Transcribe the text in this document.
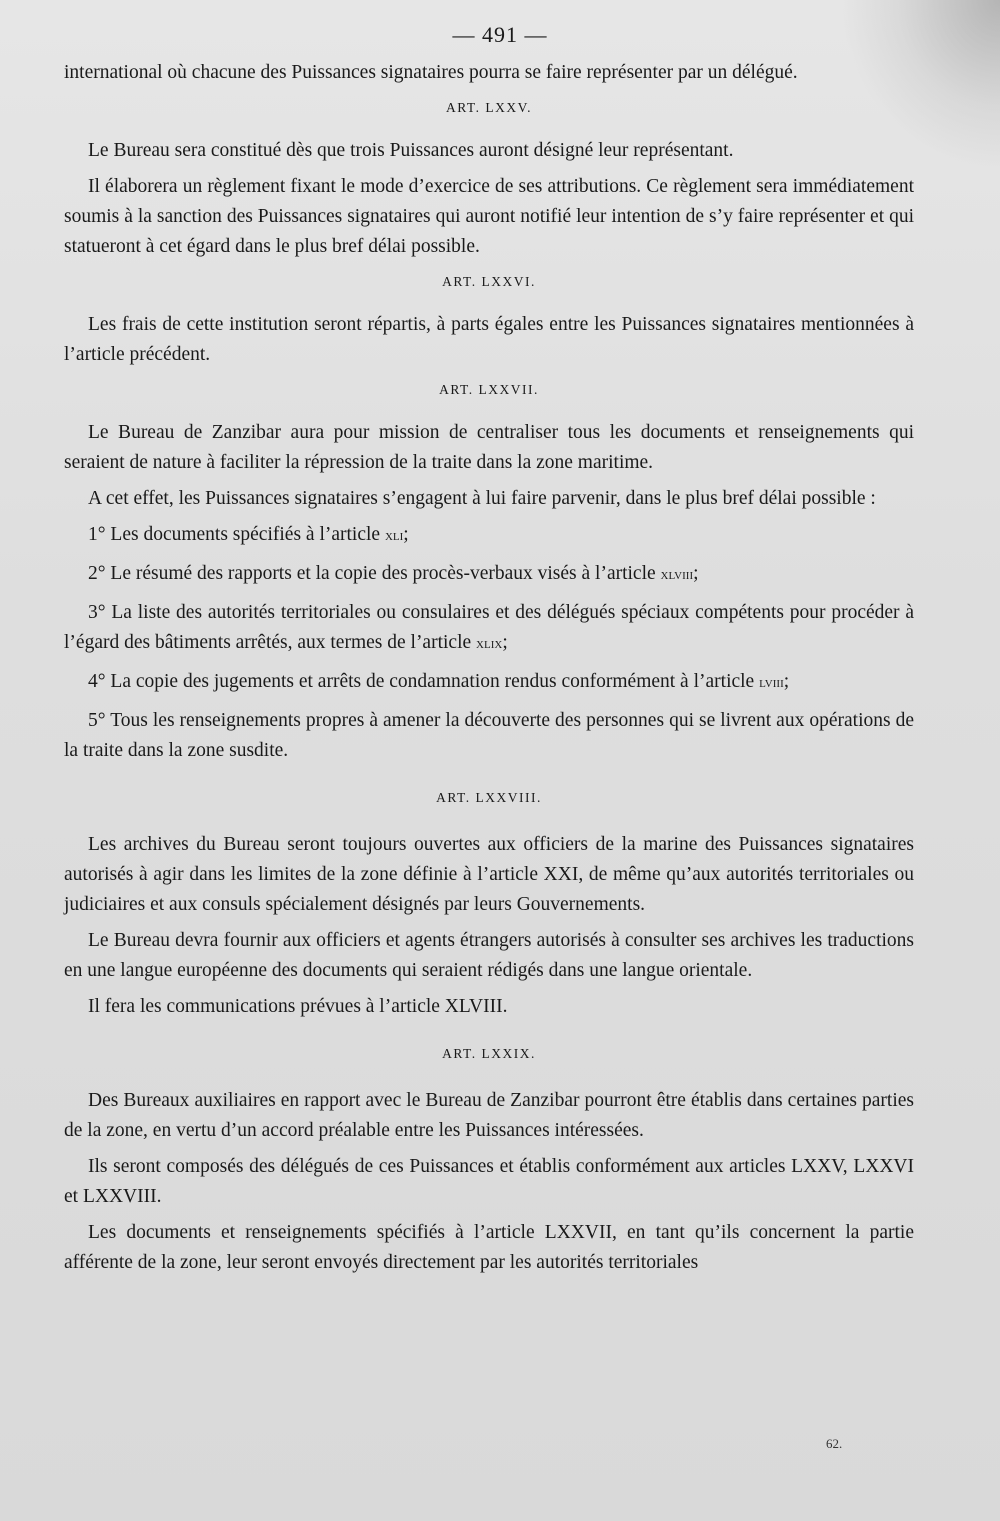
— 491 —

international où chacune des Puissances signataires pourra se faire représenter par un délégué.

ART. LXXV.

Le Bureau sera constitué dès que trois Puissances auront désigné leur représentant.

Il élaborera un règlement fixant le mode d’exercice de ses attributions. Ce règlement sera immédiatement soumis à la sanction des Puissances signataires qui auront notifié leur intention de s’y faire représenter et qui statueront à cet égard dans le plus bref délai possible.

ART. LXXVI.

Les frais de cette institution seront répartis, à parts égales entre les Puissances signataires mentionnées à l’article précédent.

ART. LXXVII.

Le Bureau de Zanzibar aura pour mission de centraliser tous les documents et renseignements qui seraient de nature à faciliter la répression de la traite dans la zone maritime.

A cet effet, les Puissances signataires s’engagent à lui faire parvenir, dans le plus bref délai possible :

1° Les documents spécifiés à l’article xli;

2° Le résumé des rapports et la copie des procès-verbaux visés à l’article xlviii;

3° La liste des autorités territoriales ou consulaires et des délégués spéciaux compétents pour procéder à l’égard des bâtiments arrêtés, aux termes de l’article xlix;

4° La copie des jugements et arrêts de condamnation rendus conformément à l’article lviii;

5° Tous les renseignements propres à amener la découverte des personnes qui se livrent aux opérations de la traite dans la zone susdite.

ART. LXXVIII.

Les archives du Bureau seront toujours ouvertes aux officiers de la marine des Puissances signataires autorisés à agir dans les limites de la zone définie à l’article XXI, de même qu’aux autorités territoriales ou judiciaires et aux consuls spécialement désignés par leurs Gouvernements.

Le Bureau devra fournir aux officiers et agents étrangers autorisés à consulter ses archives les traductions en une langue européenne des documents qui seraient rédigés dans une langue orientale.

Il fera les communications prévues à l’article XLVIII.

ART. LXXIX.

Des Bureaux auxiliaires en rapport avec le Bureau de Zanzibar pourront être établis dans certaines parties de la zone, en vertu d’un accord préalable entre les Puissances intéressées.

Ils seront composés des délégués de ces Puissances et établis conformément aux articles LXXV, LXXVI et LXXVIII.

Les documents et renseignements spécifiés à l’article LXXVII, en tant qu’ils concernent la partie afférente de la zone, leur seront envoyés directement par les autorités territoriales

62.
